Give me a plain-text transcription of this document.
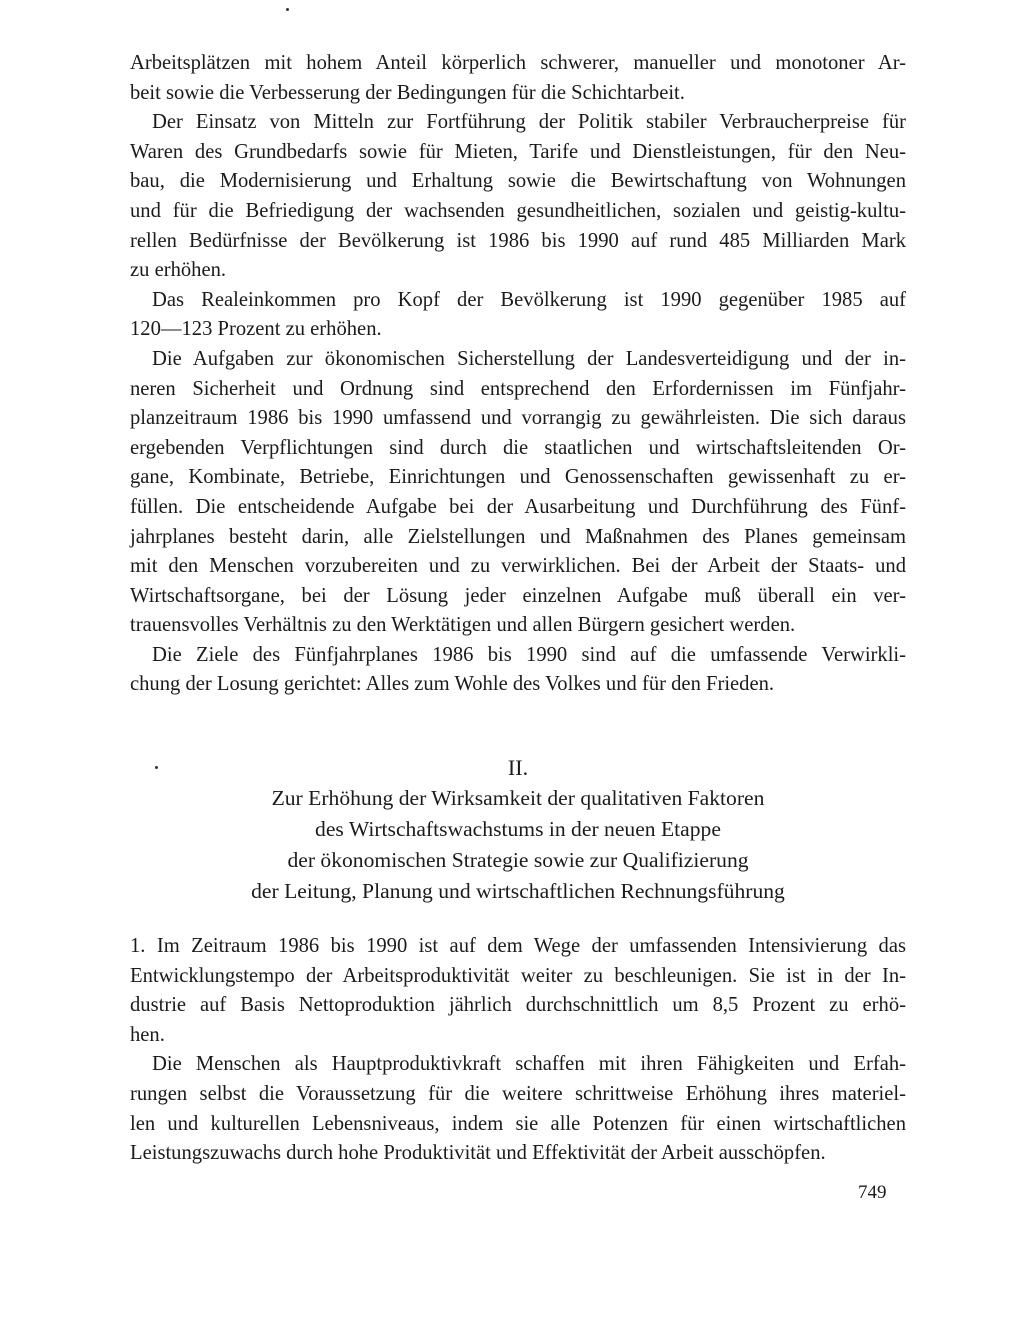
Arbeitsplätzen mit hohem Anteil körperlich schwerer, manueller und monotoner Ar-
beit sowie die Verbesserung der Bedingungen für die Schichtarbeit.
Der Einsatz von Mitteln zur Fortführung der Politik stabiler Verbraucherpreise für
Waren des Grundbedarfs sowie für Mieten, Tarife und Dienstleistungen, für den Neu-
bau, die Modernisierung und Erhaltung sowie die Bewirtschaftung von Wohnungen
und für die Befriedigung der wachsenden gesundheitlichen, sozialen und geistig-kultu-
rellen Bedürfnisse der Bevölkerung ist 1986 bis 1990 auf rund 485 Milliarden Mark
zu erhöhen.
Das Realeinkommen pro Kopf der Bevölkerung ist 1990 gegenüber 1985 auf
120—123 Prozent zu erhöhen.
Die Aufgaben zur ökonomischen Sicherstellung der Landesverteidigung und der in-
neren Sicherheit und Ordnung sind entsprechend den Erfordernissen im Fünfjahr-
planzeitraum 1986 bis 1990 umfassend und vorrangig zu gewährleisten. Die sich daraus
ergebenden Verpflichtungen sind durch die staatlichen und wirtschaftsleitenden Or-
gane, Kombinate, Betriebe, Einrichtungen und Genossenschaften gewissenhaft zu er-
füllen. Die entscheidende Aufgabe bei der Ausarbeitung und Durchführung des Fünf-
jahrplanes besteht darin, alle Zielstellungen und Maßnahmen des Planes gemeinsam
mit den Menschen vorzubereiten und zu verwirklichen. Bei der Arbeit der Staats- und
Wirtschaftsorgane, bei der Lösung jeder einzelnen Aufgabe muß überall ein ver-
trauensvolles Verhältnis zu den Werktätigen und allen Bürgern gesichert werden.
Die Ziele des Fünfjahrplanes 1986 bis 1990 sind auf die umfassende Verwirkli-
chung der Losung gerichtet: Alles zum Wohle des Volkes und für den Frieden.
II.
Zur Erhöhung der Wirksamkeit der qualitativen Faktoren
des Wirtschaftswachstums in der neuen Etappe
der ökonomischen Strategie sowie zur Qualifizierung
der Leitung, Planung und wirtschaftlichen Rechnungsführung
1. Im Zeitraum 1986 bis 1990 ist auf dem Wege der umfassenden Intensivierung das
Entwicklungstempo der Arbeitsproduktivität weiter zu beschleunigen. Sie ist in der In-
dustrie auf Basis Nettoproduktion jährlich durchschnittlich um 8,5 Prozent zu erhö-
hen.
Die Menschen als Hauptproduktivkraft schaffen mit ihren Fähigkeiten und Erfah-
rungen selbst die Voraussetzung für die weitere schrittweise Erhöhung ihres materiel-
len und kulturellen Lebensniveaus, indem sie alle Potenzen für einen wirtschaftlichen
Leistungszuwachs durch hohe Produktivität und Effektivität der Arbeit ausschöpfen.
749
